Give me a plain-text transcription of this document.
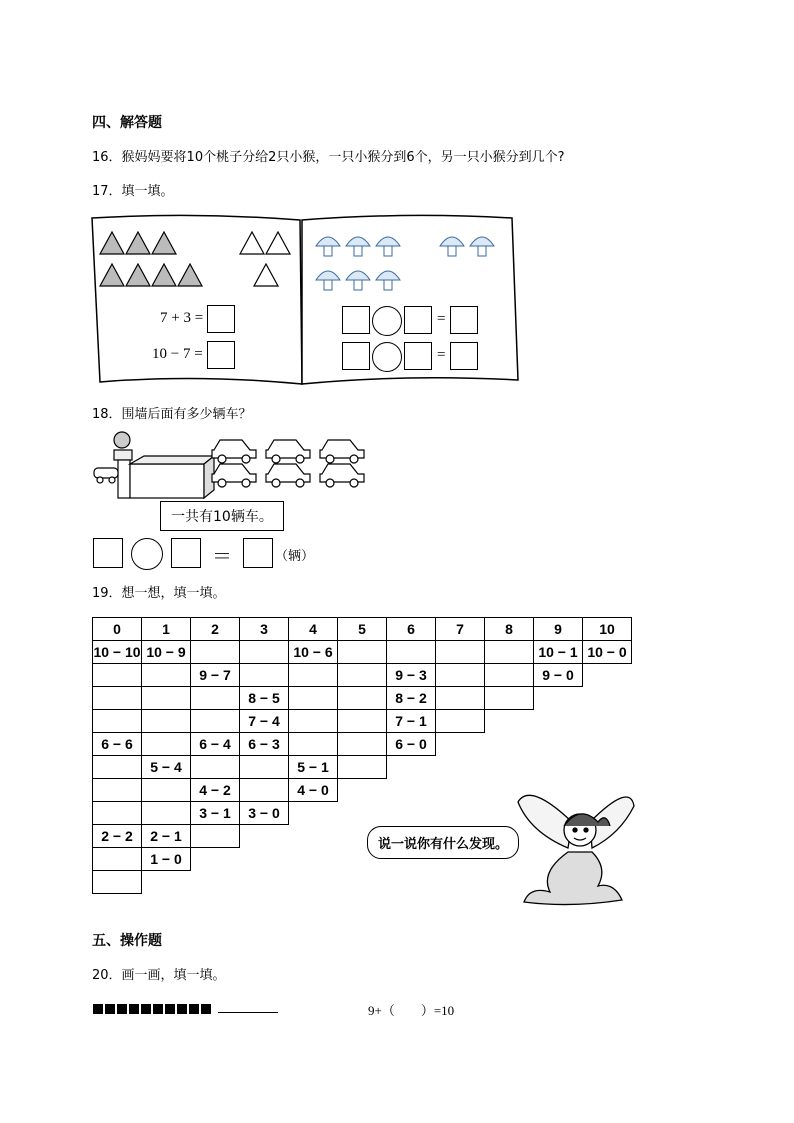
四、解答题
16．猴妈妈要将10个桃子分给2只小猴，一只小猴分到6个，另一只小猴分到几个?
17．填一填。
7 + 3 =
10 − 7 =
=
=
18．围墙后面有多少辆车？
一共有10辆车。
＝	（辆）
19．想一想，填一填。
0	1	2	3	4	5	6	7	8	9	10
10 − 10	10 − 9			10 − 6					10 − 1	10 − 0
		9 − 7				9 − 3			9 − 0	
			8 − 5			8 − 2				
			7 − 4			7 − 1				
6 − 6		6 − 4	6 − 3			6 − 0				
	5 − 4			5 − 1						
		4 − 2		4 − 0						
		3 − 1	3 − 0							
2 − 2	2 − 1									
	1 − 0									

说一说你有什么发现。
五、操作题
20．画一画，填一填。
9+（　　）=10
